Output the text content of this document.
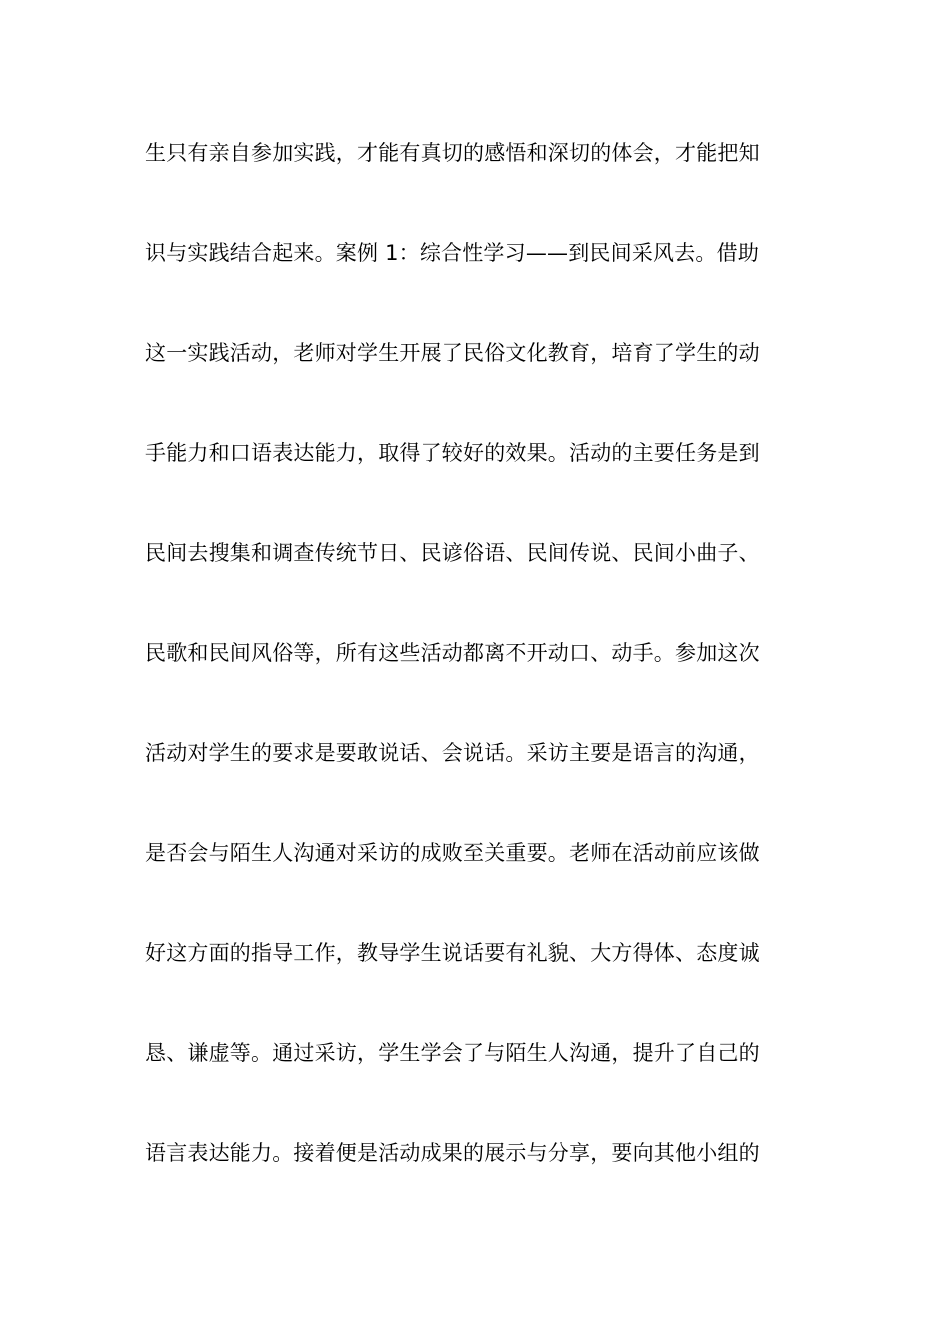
生只有亲自参加实践，才能有真切的感悟和深切的体会，才能把知
识与实践结合起来。案例 1：综合性学习——到民间采风去。借助
这一实践活动，老师对学生开展了民俗文化教育，培育了学生的动
手能力和口语表达能力，取得了较好的效果。活动的主要任务是到
民间去搜集和调查传统节日、民谚俗语、民间传说、民间小曲子、
民歌和民间风俗等，所有这些活动都离不开动口、动手。参加这次
活动对学生的要求是要敢说话、会说话。采访主要是语言的沟通，
是否会与陌生人沟通对采访的成败至关重要。老师在活动前应该做
好这方面的指导工作，教导学生说话要有礼貌、大方得体、态度诚
恳、谦虚等。通过采访，学生学会了与陌生人沟通，提升了自己的
语言表达能力。接着便是活动成果的展示与分享，要向其他小组的
